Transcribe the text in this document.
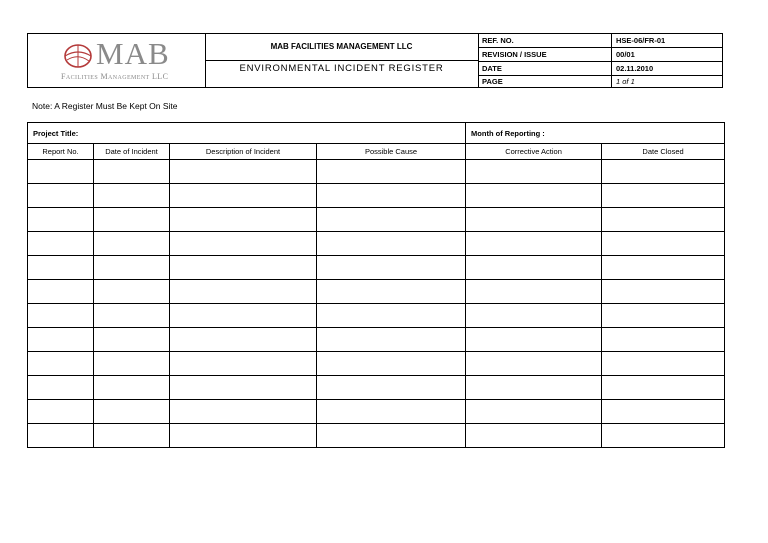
MAB
Facilities Management LLC
MAB FACILITIES MANAGEMENT LLC
ENVIRONMENTAL INCIDENT REGISTER
REF. NO.	HSE-06/FR-01
REVISION / ISSUE	00/01
DATE	02.11.2010
PAGE	1 of 1
Note: A Register Must Be Kept On Site
Project Title:				Month of Reporting :	
Report No.	Date of Incident	Description of Incident	Possible Cause	Corrective Action	Date Closed
